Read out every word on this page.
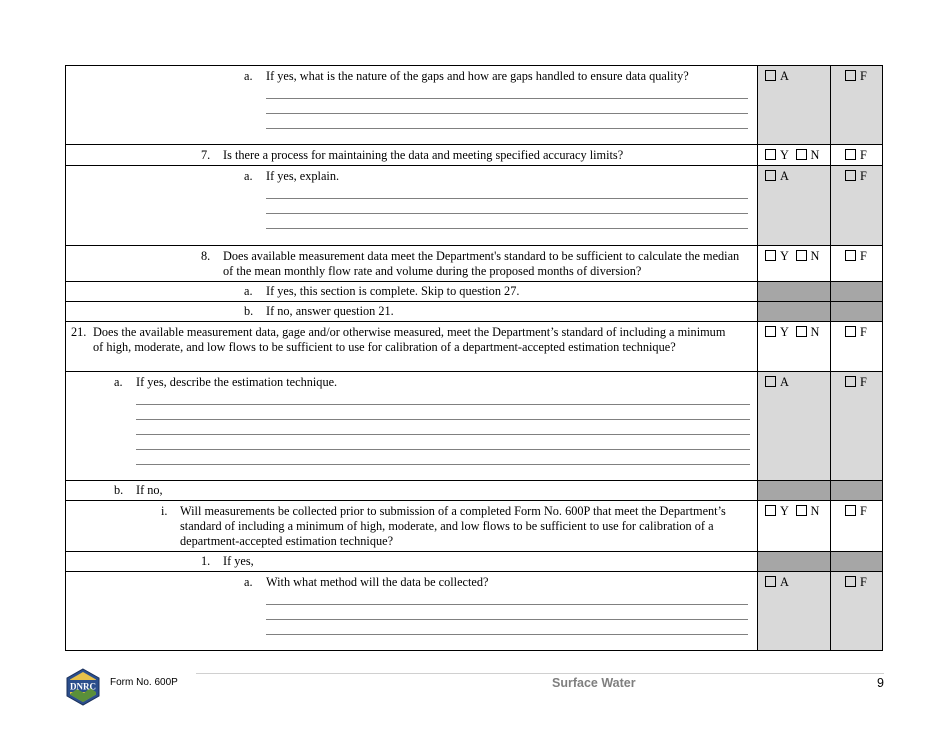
a. If yes, what is the nature of the gaps and how are gaps handled to ensure data quality?	A	F

7. Is there a process for maintaining the data and meeting specified accuracy limits?	Y N	F

a. If yes, explain.	A	F

8. Does available measurement data meet the Department's standard to be sufficient to calculate the median of the mean monthly flow rate and volume during the proposed months of diversion?	Y N	F

a. If yes, this section is complete. Skip to question 27.		

b. If no, answer question 21.		

21. Does the available measurement data, gage and/or otherwise measured, meet the Department’s standard of including a minimum of high, moderate, and low flows to be sufficient to use for calibration of a department-accepted estimation technique?	Y N	F

a. If yes, describe the estimation technique.	A	F

b. If no,		

i. Will measurements be collected prior to submission of a completed Form No. 600P that meet the Department’s standard of including a minimum of high, moderate, and low flows to be sufficient to use for calibration of a department-accepted estimation technique?	Y N	F

1. If yes,		

a. With what method will the data be collected?	A	F
DNRC Form No. 600P	Surface Water	9
